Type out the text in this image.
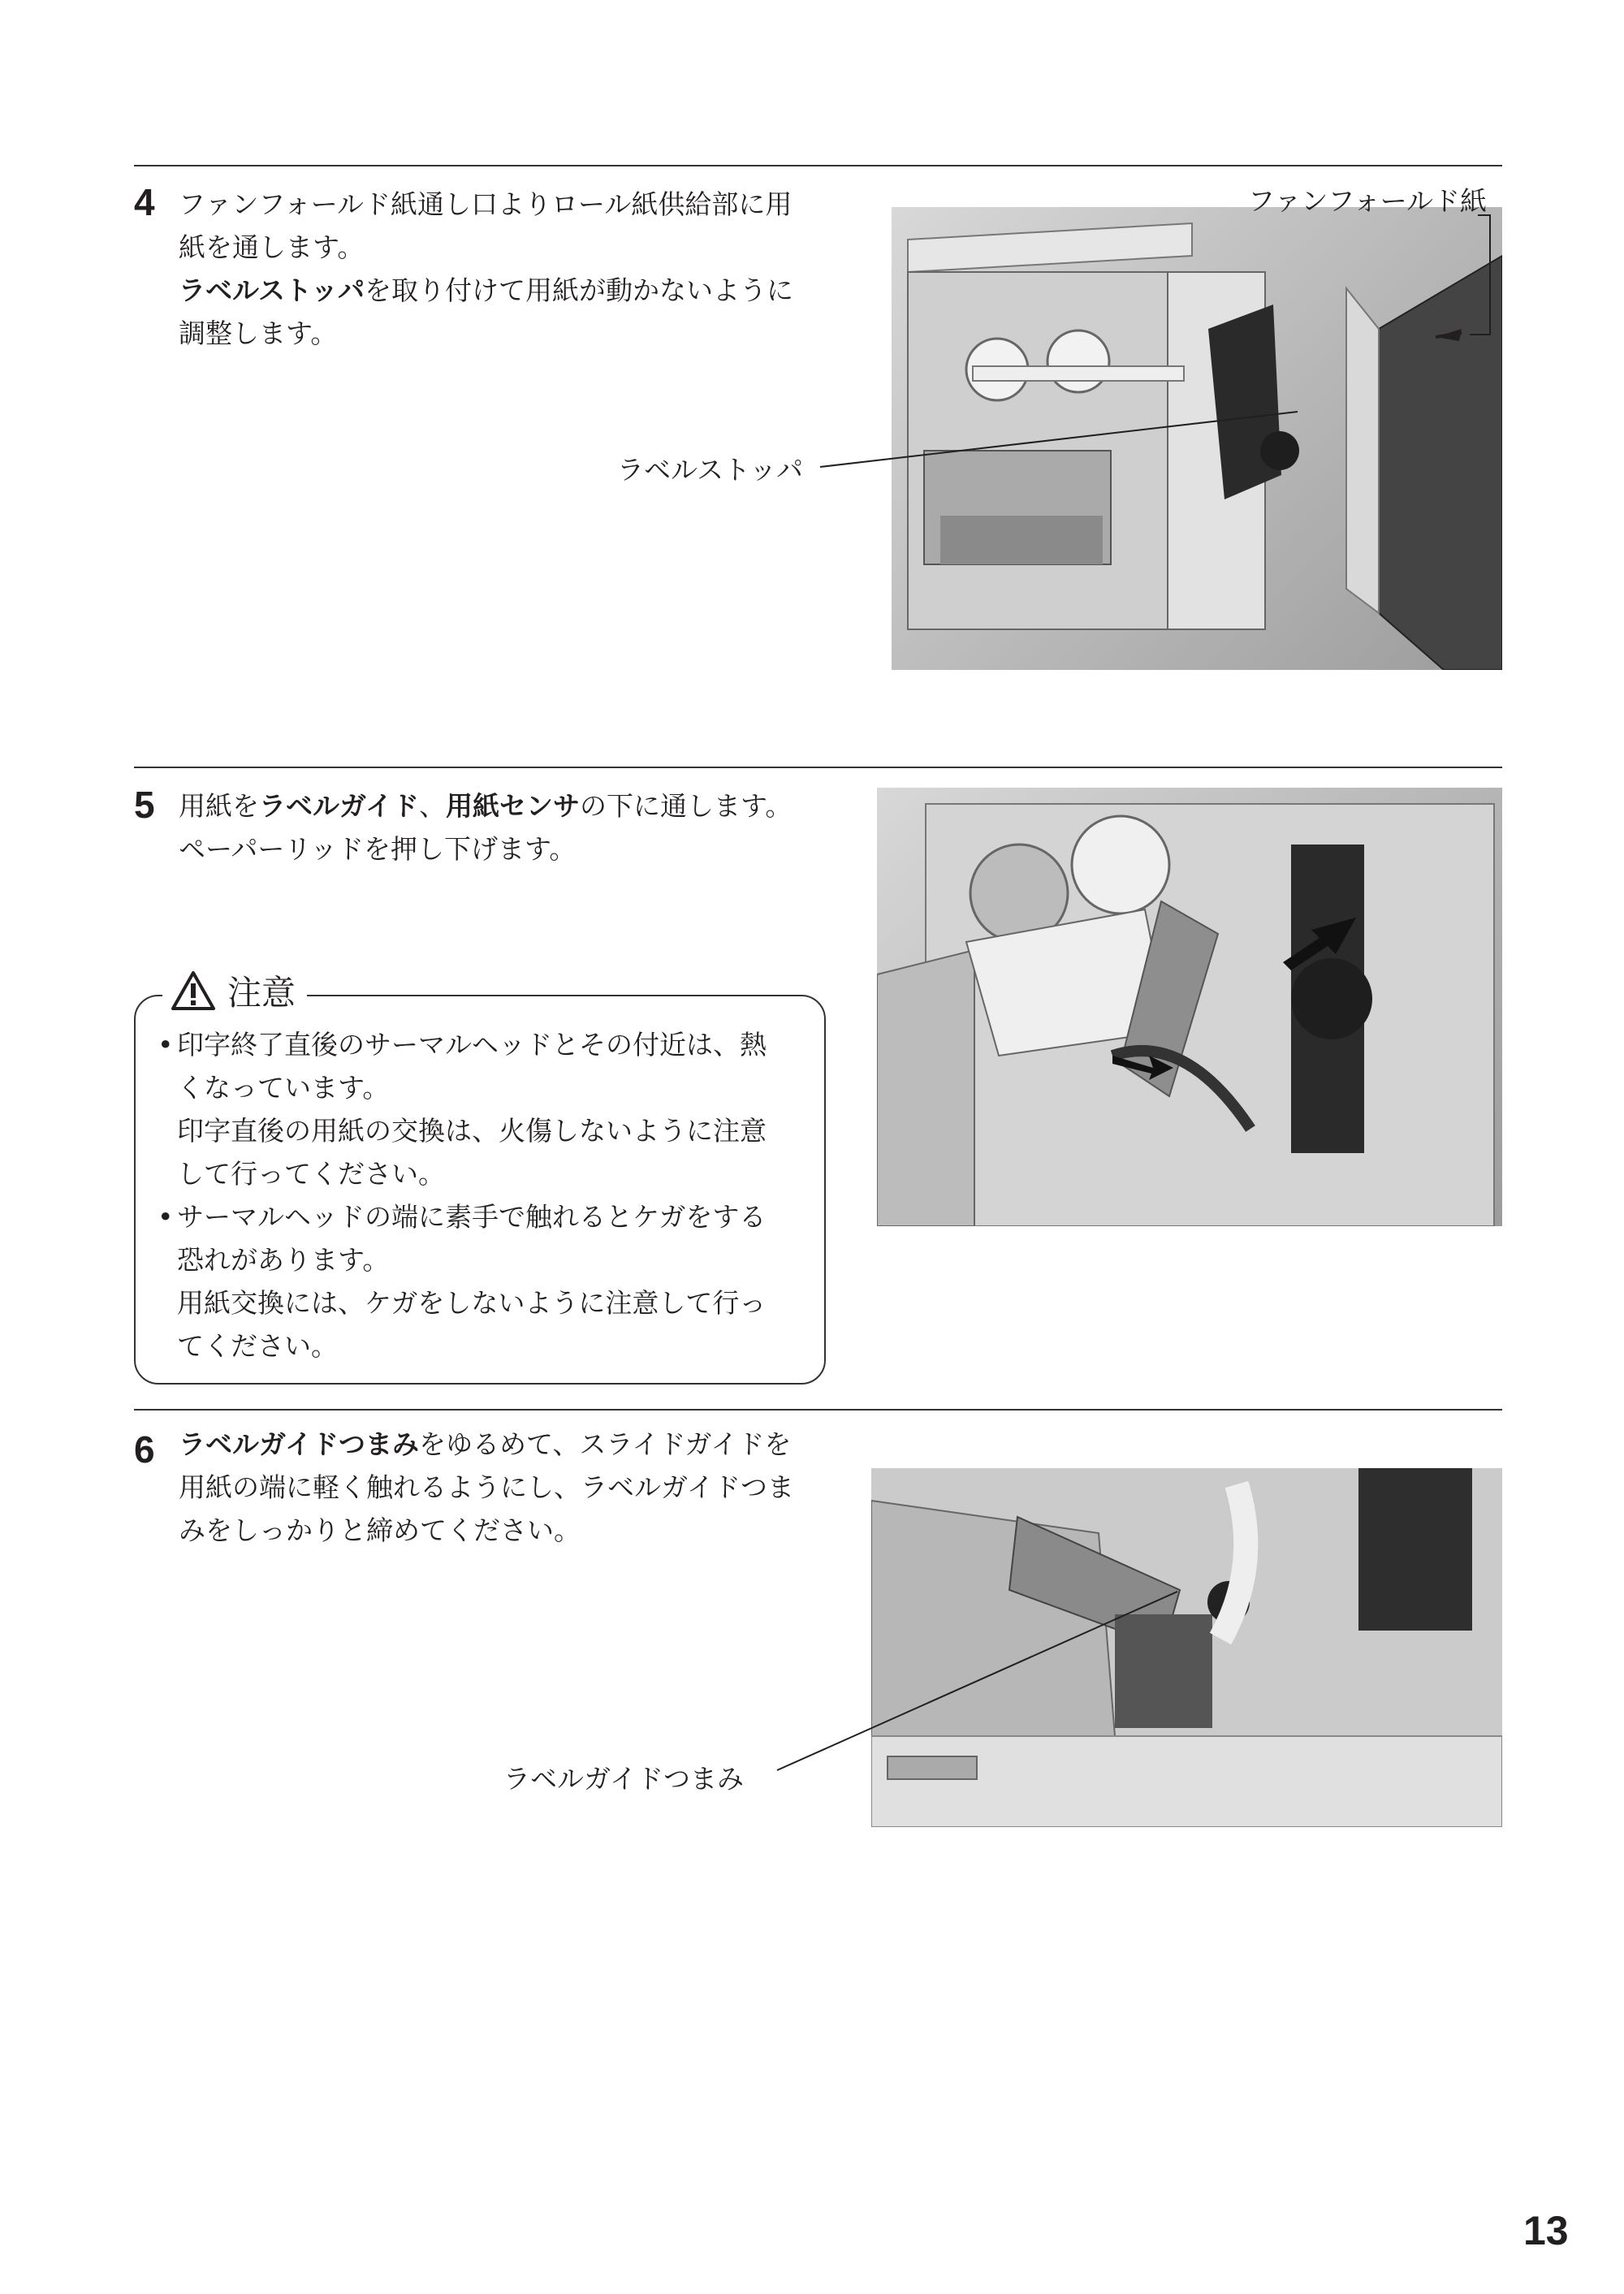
4 ファンフォールド紙通し口よりロール紙供給部に用
紙を通します。
ラベルストッパを取り付けて用紙が動かないように
調整します。
ファンフォールド紙
ラベルストッパ
5 用紙をラベルガイド、用紙センサの下に通します。
ペーパーリッドを押し下げます。
注意
• 印字終了直後のサーマルヘッドとその付近は、熱
くなっています。
印字直後の用紙の交換は、火傷しないように注意
して行ってください。
• サーマルヘッドの端に素手で触れるとケガをする
恐れがあります。
用紙交換には、ケガをしないように注意して行っ
てください。
6 ラベルガイドつまみをゆるめて、スライドガイドを
用紙の端に軽く触れるようにし、ラベルガイドつま
みをしっかりと締めてください。
ラベルガイドつまみ
13
